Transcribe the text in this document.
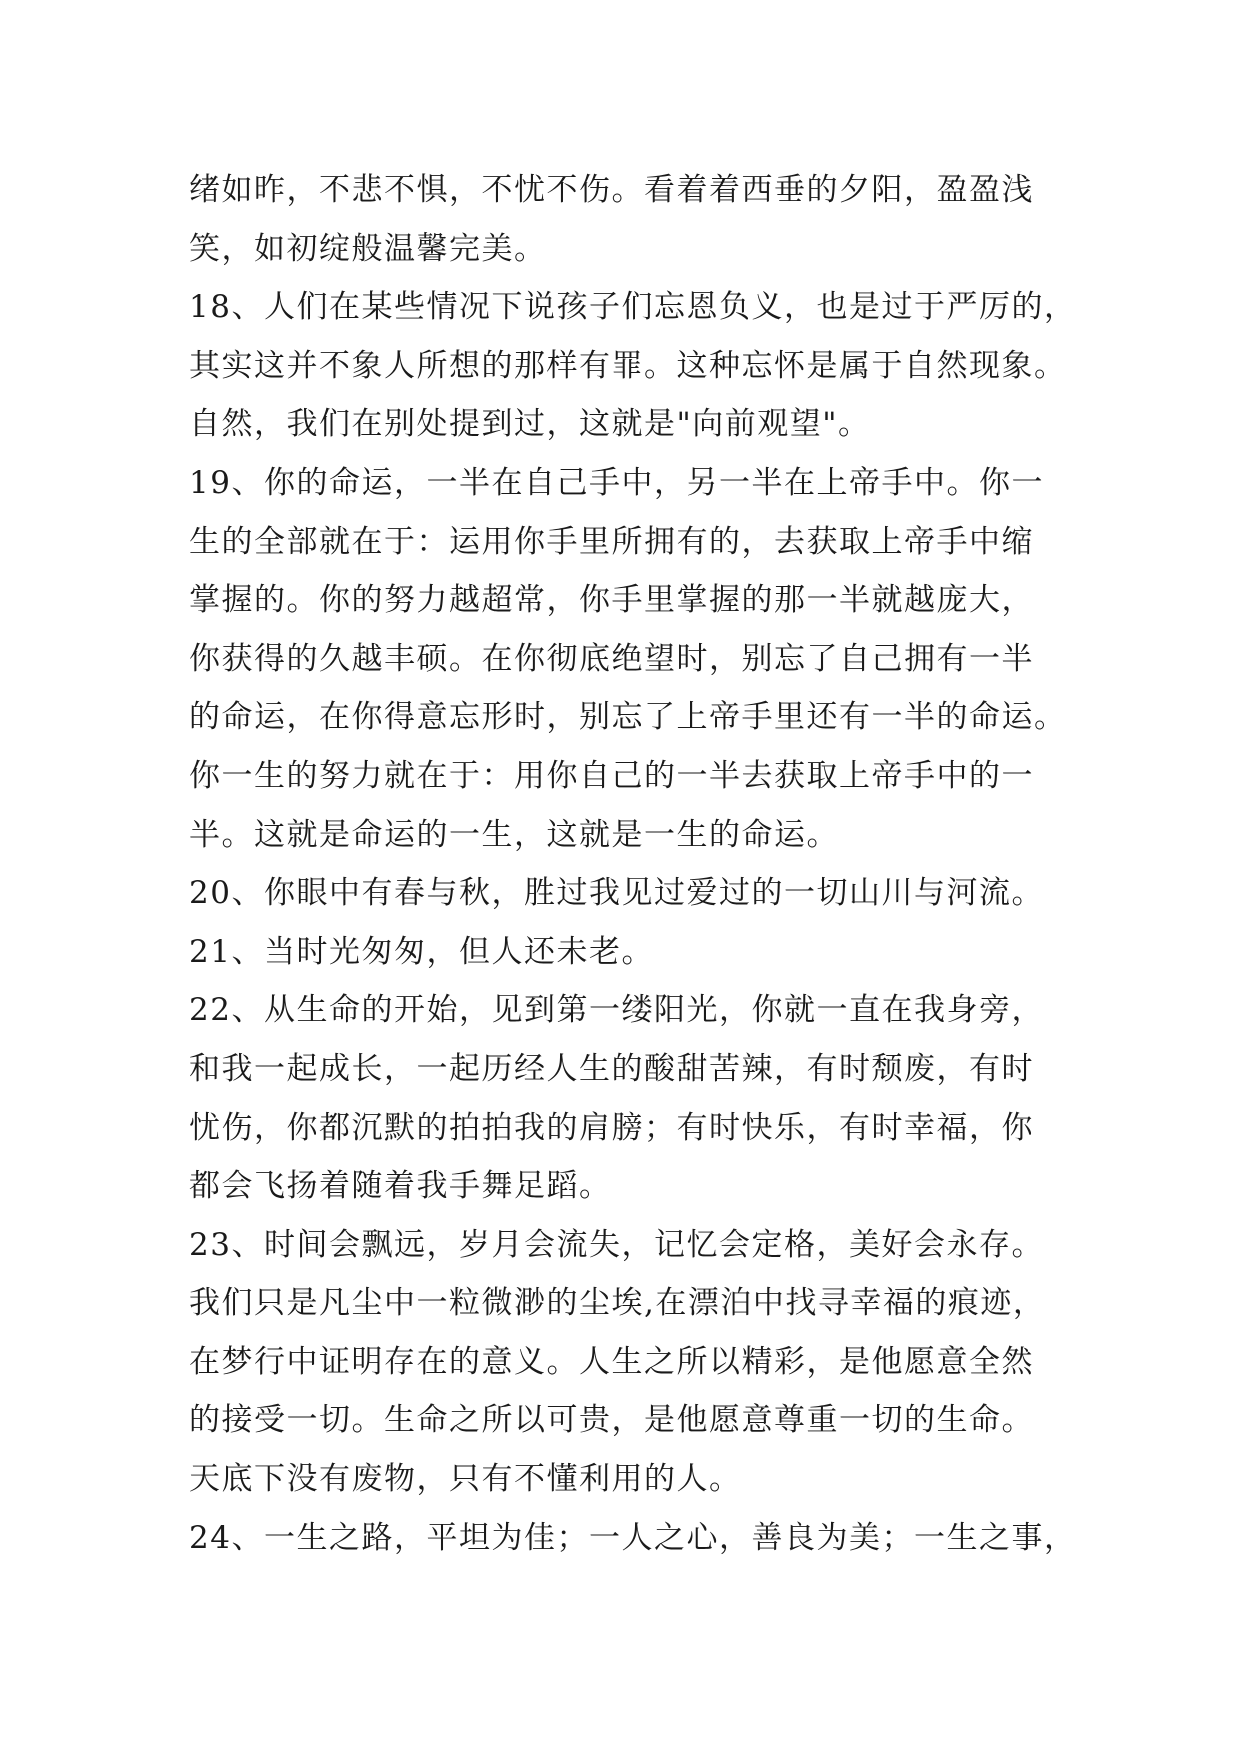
绪如昨，不悲不惧，不忧不伤。看着着西垂的夕阳，盈盈浅
笑，如初绽般温馨完美。
18、人们在某些情况下说孩子们忘恩负义，也是过于严厉的，
其实这并不象人所想的那样有罪。这种忘怀是属于自然现象。
自然，我们在别处提到过，这就是"向前观望"。
19、你的命运，一半在自己手中，另一半在上帝手中。你一
生的全部就在于：运用你手里所拥有的，去获取上帝手中缩
掌握的。你的努力越超常，你手里掌握的那一半就越庞大，
你获得的久越丰硕。在你彻底绝望时，别忘了自己拥有一半
的命运，在你得意忘形时，别忘了上帝手里还有一半的命运。
你一生的努力就在于：用你自己的一半去获取上帝手中的一
半。这就是命运的一生，这就是一生的命运。
20、你眼中有春与秋，胜过我见过爱过的一切山川与河流。
21、当时光匆匆，但人还未老。
22、从生命的开始，见到第一缕阳光，你就一直在我身旁，
和我一起成长，一起历经人生的酸甜苦辣，有时颓废，有时
忧伤，你都沉默的拍拍我的肩膀；有时快乐，有时幸福，你
都会飞扬着随着我手舞足蹈。
23、时间会飘远，岁月会流失，记忆会定格，美好会永存。
我们只是凡尘中一粒微渺的尘埃,在漂泊中找寻幸福的痕迹，
在梦行中证明存在的意义。人生之所以精彩，是他愿意全然
的接受一切。生命之所以可贵，是他愿意尊重一切的生命。
天底下没有废物，只有不懂利用的人。
24、一生之路，平坦为佳；一人之心，善良为美；一生之事，
